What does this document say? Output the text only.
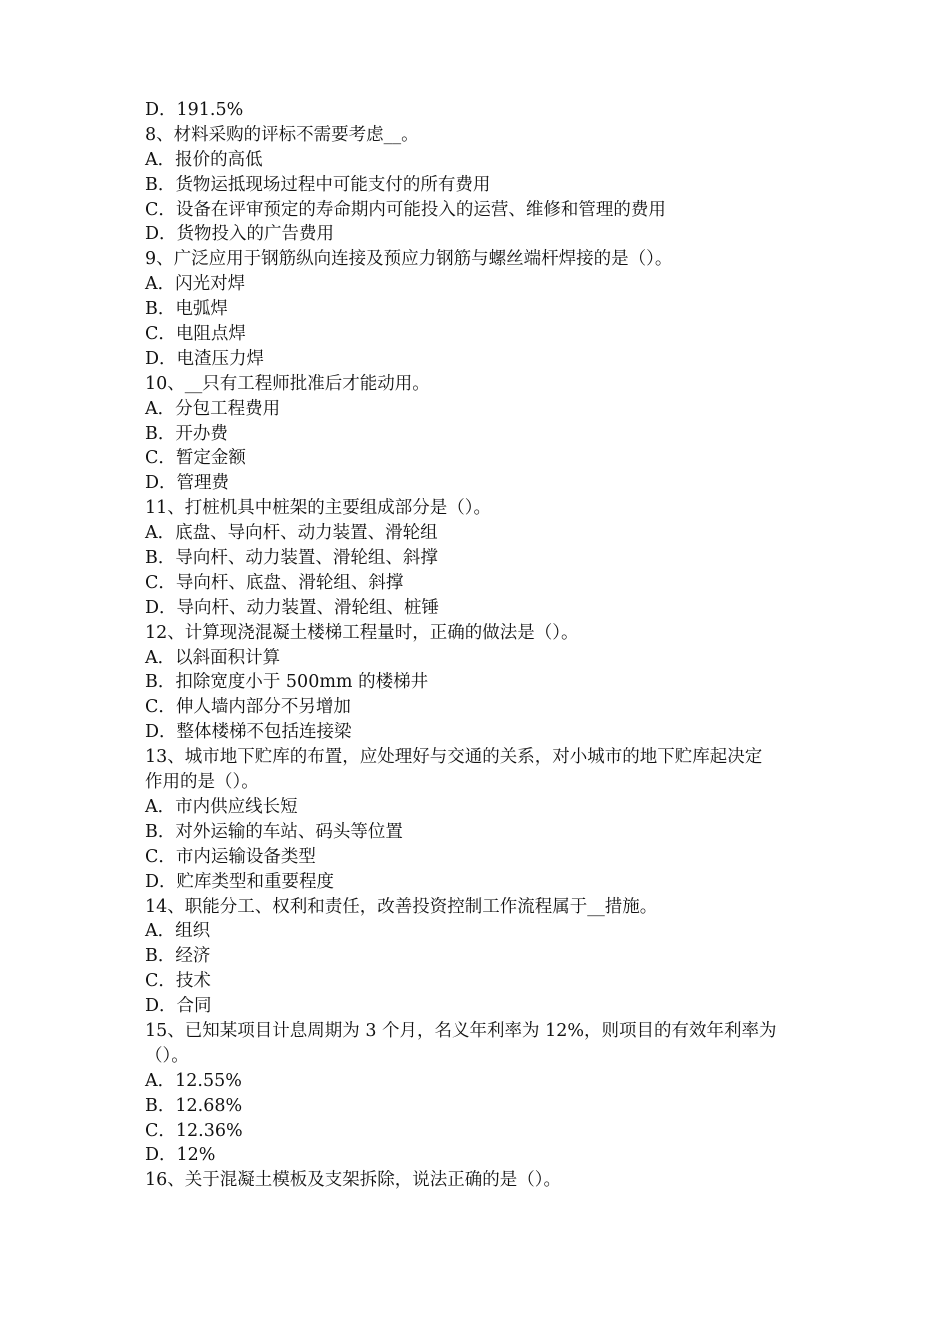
D．191.5%
8、材料采购的评标不需要考虑__。
A．报价的高低
B．货物运抵现场过程中可能支付的所有费用
C．设备在评审预定的寿命期内可能投入的运营、维修和管理的费用
D．货物投入的广告费用
9、广泛应用于钢筋纵向连接及预应力钢筋与螺丝端杆焊接的是（）。
A．闪光对焊
B．电弧焊
C．电阻点焊
D．电渣压力焊
10、__只有工程师批准后才能动用。
A．分包工程费用
B．开办费
C．暂定金额
D．管理费
11、打桩机具中桩架的主要组成部分是（）。
A．底盘、导向杆、动力装置、滑轮组
B．导向杆、动力装置、滑轮组、斜撑
C．导向杆、底盘、滑轮组、斜撑
D．导向杆、动力装置、滑轮组、桩锤
12、计算现浇混凝土楼梯工程量时，正确的做法是（）。
A．以斜面积计算
B．扣除宽度小于 500mm 的楼梯井
C．伸人墙内部分不另增加
D．整体楼梯不包括连接梁
13、城市地下贮库的布置，应处理好与交通的关系，对小城市的地下贮库起决定
作用的是（）。
A．市内供应线长短
B．对外运输的车站、码头等位置
C．市内运输设备类型
D．贮库类型和重要程度
14、职能分工、权利和责任，改善投资控制工作流程属于__措施。
A．组织
B．经济
C．技术
D．合同
15、已知某项目计息周期为 3 个月，名义年利率为 12%，则项目的有效年利率为
（）。
A．12.55%
B．12.68%
C．12.36%
D．12%
16、关于混凝土模板及支架拆除，说法正确的是（）。
